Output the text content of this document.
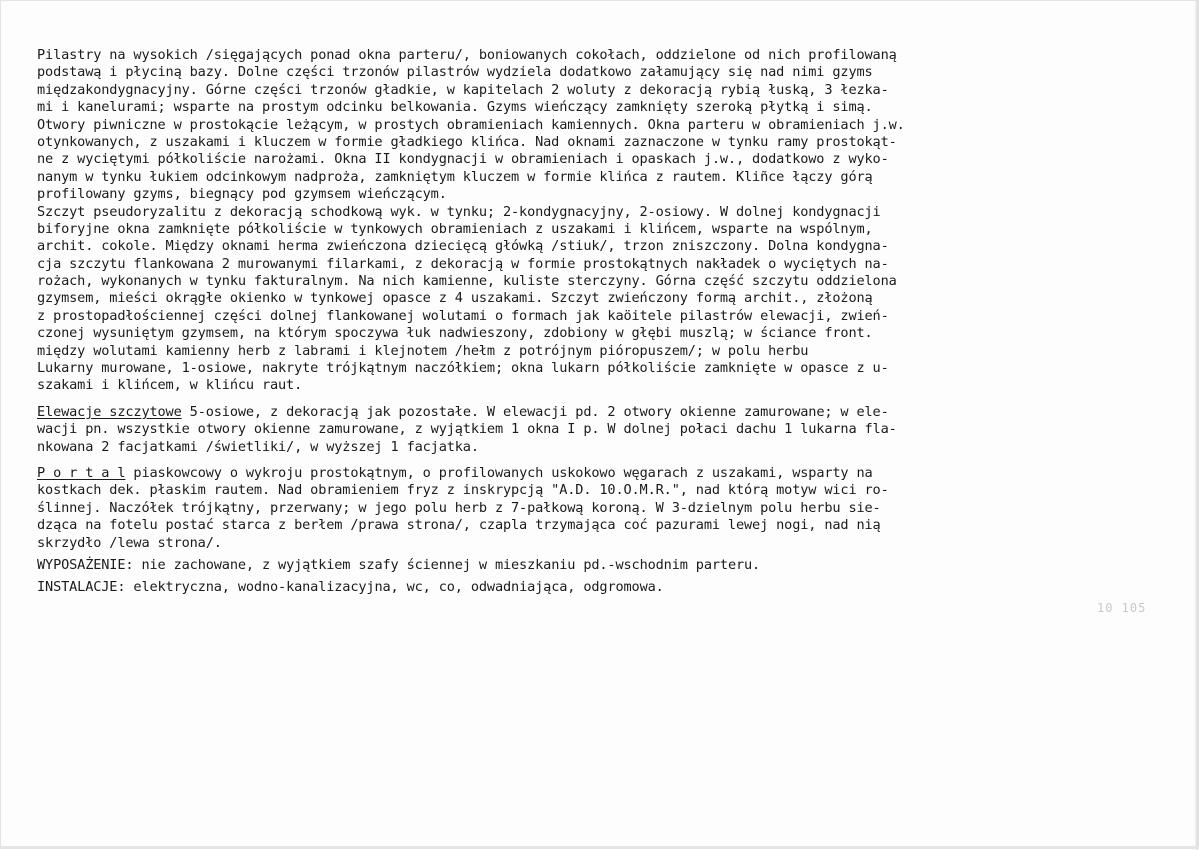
Pilastry na wysokich /sięgających ponad okna parteru/, boniowanych cokołach, oddzielone od nich profilowaną
podstawą i płyciną bazy. Dolne części trzonów pilastrów wydziela dodatkowo załamujący się nad nimi gzyms
międzakondygnacyjny. Górne części trzonów gładkie, w kapitelach 2 woluty z dekoracją rybią łuską, 3 łezka-
mi i kanelurami; wsparte na prostym odcinku belkowania. Gzyms wieńczący zamknięty szeroką płytką i simą.
Otwory piwniczne w prostokącie leżącym, w prostych obramieniach kamiennych. Okna parteru w obramieniach j.w.
otynkowanych, z uszakami i kluczem w formie gładkiego klińca. Nad oknami zaznaczone w tynku ramy prostokąt-
ne z wyciętymi półkoliście narożami. Okna II kondygnacji w obramieniach i opaskach j.w., dodatkowo z wyko-
nanym w tynku łukiem odcinkowym nadproża, zamkniętym kluczem w formie klińca z rautem. Kliñce łączy górą
profilowany gzyms, biegnący pod gzymsem wieńczącym.
Szczyt pseudoryzalitu z dekoracją schodkową wyk. w tynku; 2-kondygnacyjny, 2-osiowy. W dolnej kondygnacji
biforyjne okna zamknięte półkoliście w tynkowych obramieniach z uszakami i klińcem, wsparte na wspólnym,
archit. cokole. Między oknami herma zwieńczona dziecięcą główką /stiuk/, trzon zniszczony. Dolna kondygna-
cja szczytu flankowana 2 murowanymi filarkami, z dekoracją w formie prostokątnych nakładek o wyciętych na-
rożach, wykonanych w tynku fakturalnym. Na nich kamienne, kuliste sterczyny. Górna część szczytu oddzielona
gzymsem, mieści okrągłe okienko w tynkowej opasce z 4 uszakami. Szczyt zwieńczony formą archit., złożoną
z prostopadłościennej części dolnej flankowanej wolutami o formach jak kaöitele pilastrów elewacji, zwień-
czonej wysuniętym gzymsem, na którym spoczywa łuk nadwieszony, zdobiony w głębi muszlą; w ściance front.
między wolutami kamienny herb z labrami i klejnotem /hełm z potrójnym pióropuszem/; w polu herbu
Lukarny murowane, 1-osiowe, nakryte trójkątnym naczółkiem; okna lukarn półkoliście zamknięte w opasce z u-
szakami i klińcem, w klińcu raut.
Elewacje szczytowe 5-osiowe, z dekoracją jak pozostałe. W elewacji pd. 2 otwory okienne zamurowane; w ele-
wacji pn. wszystkie otwory okienne zamurowane, z wyjątkiem 1 okna I p. W dolnej połaci dachu 1 lukarna fla-
nkowana 2 facjatkami /świetliki/, w wyższej 1 facjatka.
P o r t a l piaskowcowy o wykroju prostokątnym, o profilowanych uskokowo węgarach z uszakami, wsparty na
kostkach dek. płaskim rautem. Nad obramieniem fryz z inskrypcją "A.D. 10.O.M.R.", nad którą motyw wici ro-
ślinnej. Naczółek trójkątny, przerwany; w jego polu herb z 7-pałkową koroną. W 3-dzielnym polu herbu sie-
dząca na fotelu postać starca z berłem /prawa strona/, czapla trzymająca coć pazurami lewej nogi, nad nią
skrzydło /lewa strona/.
WYPOSAŻENIE: nie zachowane, z wyjątkiem szafy ściennej w mieszkaniu pd.-wschodnim parteru.
INSTALACJE: elektryczna, wodno-kanalizacyjna, wc, co, odwadniająca, odgromowa.
10 105
